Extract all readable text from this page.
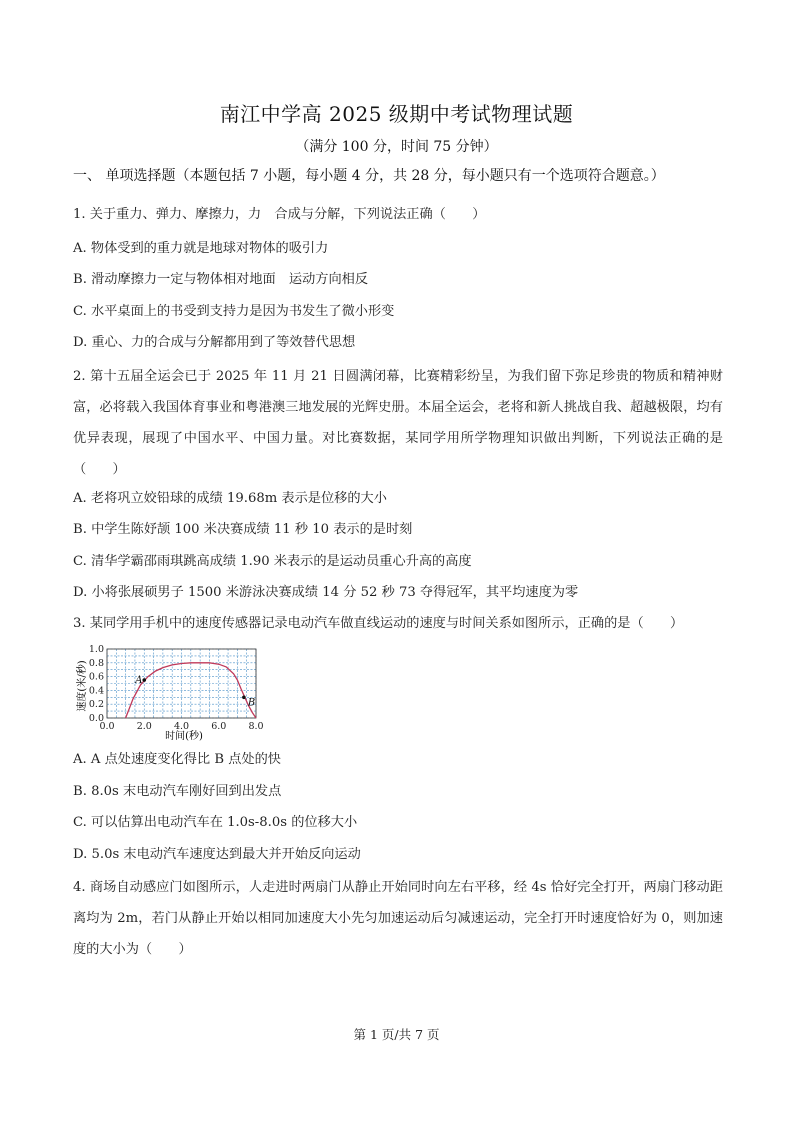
南江中学高 2025 级期中考试物理试题
（满分 100 分，时间 75 分钟）
一、 单项选择题（本题包括 7 小题，每小题 4 分，共 28 分，每小题只有一个选项符合题意。）
1. 关于重力、弹力、摩擦力，力　合成与分解，下列说法正确（　　）
A. 物体受到的重力就是地球对物体的吸引力
B. 滑动摩擦力一定与物体相对地面　运动方向相反
C. 水平桌面上的书受到支持力是因为书发生了微小形变
D. 重心、力的合成与分解都用到了等效替代思想
2. 第十五届全运会已于 2025 年 11 月 21 日圆满闭幕，比赛精彩纷呈，为我们留下弥足珍贵的物质和精神财富，必将载入我国体育事业和粤港澳三地发展的光辉史册。本届全运会，老将和新人挑战自我、超越极限，均有优异表现，展现了中国水平、中国力量。对比赛数据，某同学用所学物理知识做出判断，下列说法正确的是（　　）
A. 老将巩立姣铅球的成绩 19.68m 表示是位移的大小
B. 中学生陈妤颉 100 米决赛成绩 11 秒 10 表示的是时刻
C. 清华学霸邵雨琪跳高成绩 1.90 米表示的是运动员重心升高的高度
D. 小将张展硕男子 1500 米游泳决赛成绩 14 分 52 秒 73 夺得冠军，其平均速度为零
3. 某同学用手机中的速度传感器记录电动汽车做直线运动的速度与时间关系如图所示，正确的是（　　）
0.0
0.2
0.4
0.6
0.8
1.0
0.0 2.0 4.0 6.0 8.0
A
B
速度(米/秒)
时间(秒)
A. A 点处速度变化得比 B 点处的快
B. 8.0s 末电动汽车刚好回到出发点
C. 可以估算出电动汽车在 1.0s-8.0s 的位移大小
D. 5.0s 末电动汽车速度达到最大并开始反向运动
4. 商场自动感应门如图所示，人走进时两扇门从静止开始同时向左右平移，经 4s 恰好完全打开，两扇门移动距离均为 2m，若门从静止开始以相同加速度大小先匀加速运动后匀减速运动，完全打开时速度恰好为 0，则加速度的大小为（　　）
第 1 页/共 7 页
